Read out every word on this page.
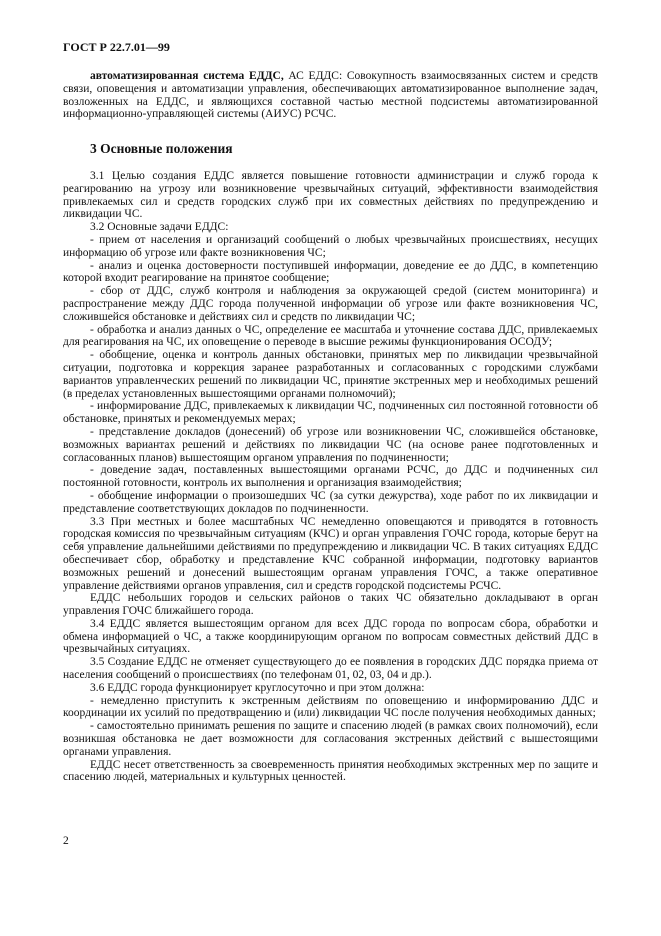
ГОСТ Р 22.7.01—99

автоматизированная система ЕДДС, АС ЕДДС: Совокупность взаимосвязанных систем и средств связи, оповещения и автоматизации управления, обеспечивающих автоматизированное выполнение задач, возложенных на ЕДДС, и являющихся составной частью местной подсистемы автоматизированной информационно-управляющей системы (АИУС) РСЧС.

3 Основные положения

3.1 Целью создания ЕДДС является повышение готовности администрации и служб города к реагированию на угрозу или возникновение чрезвычайных ситуаций, эффективности взаимодействия привлекаемых сил и средств городских служб при их совместных действиях по предупреждению и ликвидации ЧС.

3.2 Основные задачи ЕДДС:

- прием от населения и организаций сообщений о любых чрезвычайных происшествиях, несущих информацию об угрозе или факте возникновения ЧС;

- анализ и оценка достоверности поступившей информации, доведение ее до ДДС, в компетенцию которой входит реагирование на принятое сообщение;

- сбор от ДДС, служб контроля и наблюдения за окружающей средой (систем мониторинга) и распространение между ДДС города полученной информации об угрозе или факте возникновения ЧС, сложившейся обстановке и действиях сил и средств по ликвидации ЧС;

- обработка и анализ данных о ЧС, определение ее масштаба и уточнение состава ДДС, привлекаемых для реагирования на ЧС, их оповещение о переводе в высшие режимы функционирования ОСОДУ;

- обобщение, оценка и контроль данных обстановки, принятых мер по ликвидации чрезвычайной ситуации, подготовка и коррекция заранее разработанных и согласованных с городскими службами вариантов управленческих решений по ликвидации ЧС, принятие экстренных мер и необходимых решений (в пределах установленных вышестоящими органами полномочий);

- информирование ДДС, привлекаемых к ликвидации ЧС, подчиненных сил постоянной готовности об обстановке, принятых и рекомендуемых мерах;

- представление докладов (донесений) об угрозе или возникновении ЧС, сложившейся обстановке, возможных вариантах решений и действиях по ликвидации ЧС (на основе ранее подготовленных и согласованных планов) вышестоящим органом управления по подчиненности;

- доведение задач, поставленных вышестоящими органами РСЧС, до ДДС и подчиненных сил постоянной готовности, контроль их выполнения и организация взаимодействия;

- обобщение информации о произошедших ЧС (за сутки дежурства), ходе работ по их ликвидации и представление соответствующих докладов по подчиненности.

3.3 При местных и более масштабных ЧС немедленно оповещаются и приводятся в готовность городская комиссия по чрезвычайным ситуациям (КЧС) и орган управления ГОЧС города, которые берут на себя управление дальнейшими действиями по предупреждению и ликвидации ЧС. В таких ситуациях ЕДДС обеспечивает сбор, обработку и представление КЧС собранной информации, подготовку вариантов возможных решений и донесений вышестоящим органам управления ГОЧС, а также оперативное управление действиями органов управления, сил и средств городской подсистемы РСЧС.

ЕДДС небольших городов и сельских районов о таких ЧС обязательно докладывают в орган управления ГОЧС ближайшего города.

3.4 ЕДДС является вышестоящим органом для всех ДДС города по вопросам сбора, обработки и обмена информацией о ЧС, а также координирующим органом по вопросам совместных действий ДДС в чрезвычайных ситуациях.

3.5 Создание ЕДДС не отменяет существующего до ее появления в городских ДДС порядка приема от населения сообщений о происшествиях (по телефонам 01, 02, 03, 04 и др.).

3.6 ЕДДС города функционирует круглосуточно и при этом должна:

- немедленно приступить к экстренным действиям по оповещению и информированию ДДС и координации их усилий по предотвращению и (или) ликвидации ЧС после получения необходимых данных;

- самостоятельно принимать решения по защите и спасению людей (в рамках своих полномочий), если возникшая обстановка не дает возможности для согласования экстренных действий с вышестоящими органами управления.

ЕДДС несет ответственность за своевременность принятия необходимых экстренных мер по защите и спасению людей, материальных и культурных ценностей.

2
